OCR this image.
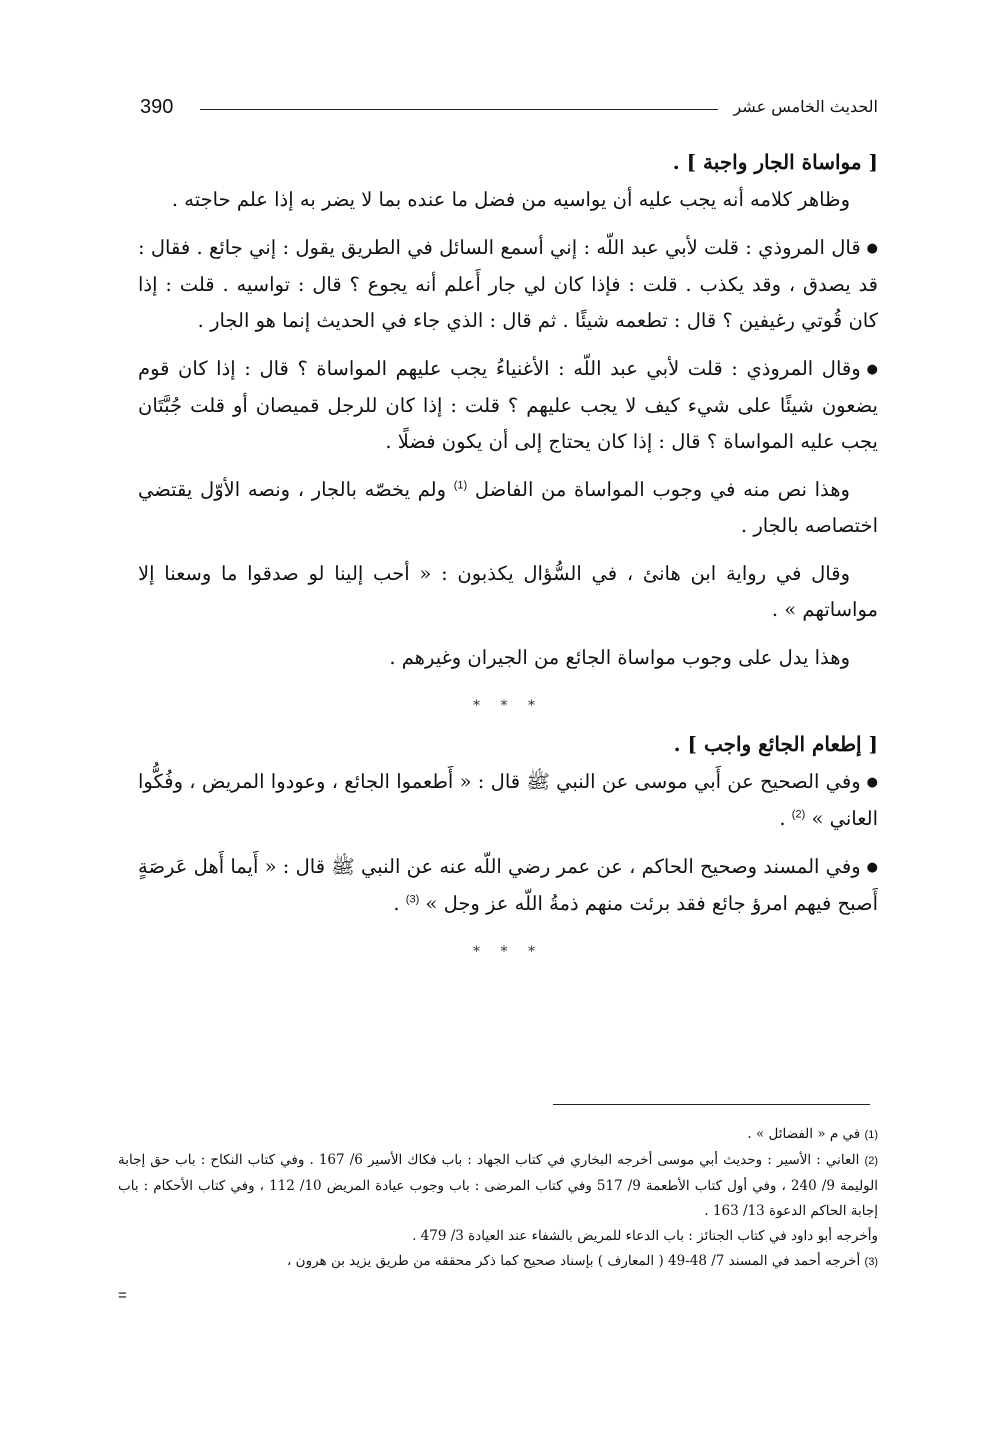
390	الحديث الخامس عشر

[ مواساة الجار واجبة ] .

وظاهر كلامه أنه يجب عليه أن يواسيه من فضل ما عنده بما لا يضر به إذا علم حاجته .

●قال المروذي : قلت لأبي عبد اللّه : إني أسمع السائل في الطريق يقول : إني جائع . فقال : قد يصدق ، وقد يكذب . قلت : فإذا كان لي جار أَعلم أنه يجوع ؟ قال : تواسيه . قلت : إذا كان قُوتي رغيفين ؟ قال : تطعمه شيئًا . ثم قال : الذي جاء في الحديث إنما هو الجار .

●وقال المروذي : قلت لأبي عبد اللّه : الأغنياءُ يجب عليهم المواساة ؟ قال : إذا كان قوم يضعون شيئًا على شيء كيف لا يجب عليهم ؟ قلت : إذا كان للرجل قميصان أو قلت جُبَّتَان يجب عليه المواساة ؟ قال : إذا كان يحتاج إلى أن يكون فضلًا .

وهذا نص منه في وجوب المواساة من الفاضل $^{(1)}$ ولم يخصّه بالجار ، ونصه الأوّل يقتضي اختصاصه بالجار .

وقال في رواية ابن هانئ ، في السُّؤال يكذبون : « أحب إلينا لو صدقوا ما وسعنا إلا مواساتهم » .

وهذا يدل على وجوب مواساة الجائع من الجيران وغيرهم .

* * *

[ إطعام الجائع واجب ] .

●وفي الصحيح عن أَبي موسى عن النبي ﷺ قال : « أَطعموا الجائع ، وعودوا المريض ، وفُكُّوا العاني » $^{(2)}$ .

●وفي المسند وصحيح الحاكم ، عن عمر رضي اللّه عنه عن النبي ﷺ قال : « أَيما أَهل عَرصَةٍ أَصبح فيهم امرؤ جائع فقد برئت منهم ذمةُ اللّه عز وجل » $^{(3)}$ .

* * *

(1) في م « الفضائل » .

(2) العاني : الأسير : وحديث أبي موسى أخرجه البخاري في كتاب الجهاد : باب فكاك الأسير 6/ 167 . وفي كتاب النكاح : باب حق إجابة الوليمة 9/ 240 ، وفي أول كتاب الأطعمة 9/ 517 وفي كتاب المرضى : باب وجوب عيادة المريض 10/ 112 ، وفي كتاب الأحكام : باب إجابة الحاكم الدعوة 13/ 163 .

وأخرجه أبو داود في كتاب الجنائز : باب الدعاء للمريض بالشفاء عند العيادة 3/ 479 .

(3) أخرجه أحمد في المسند 7/ 48-49 ( المعارف ) بإسناد صحيح كما ذكر محققه من طريق يزيد بن هرون ،

=
